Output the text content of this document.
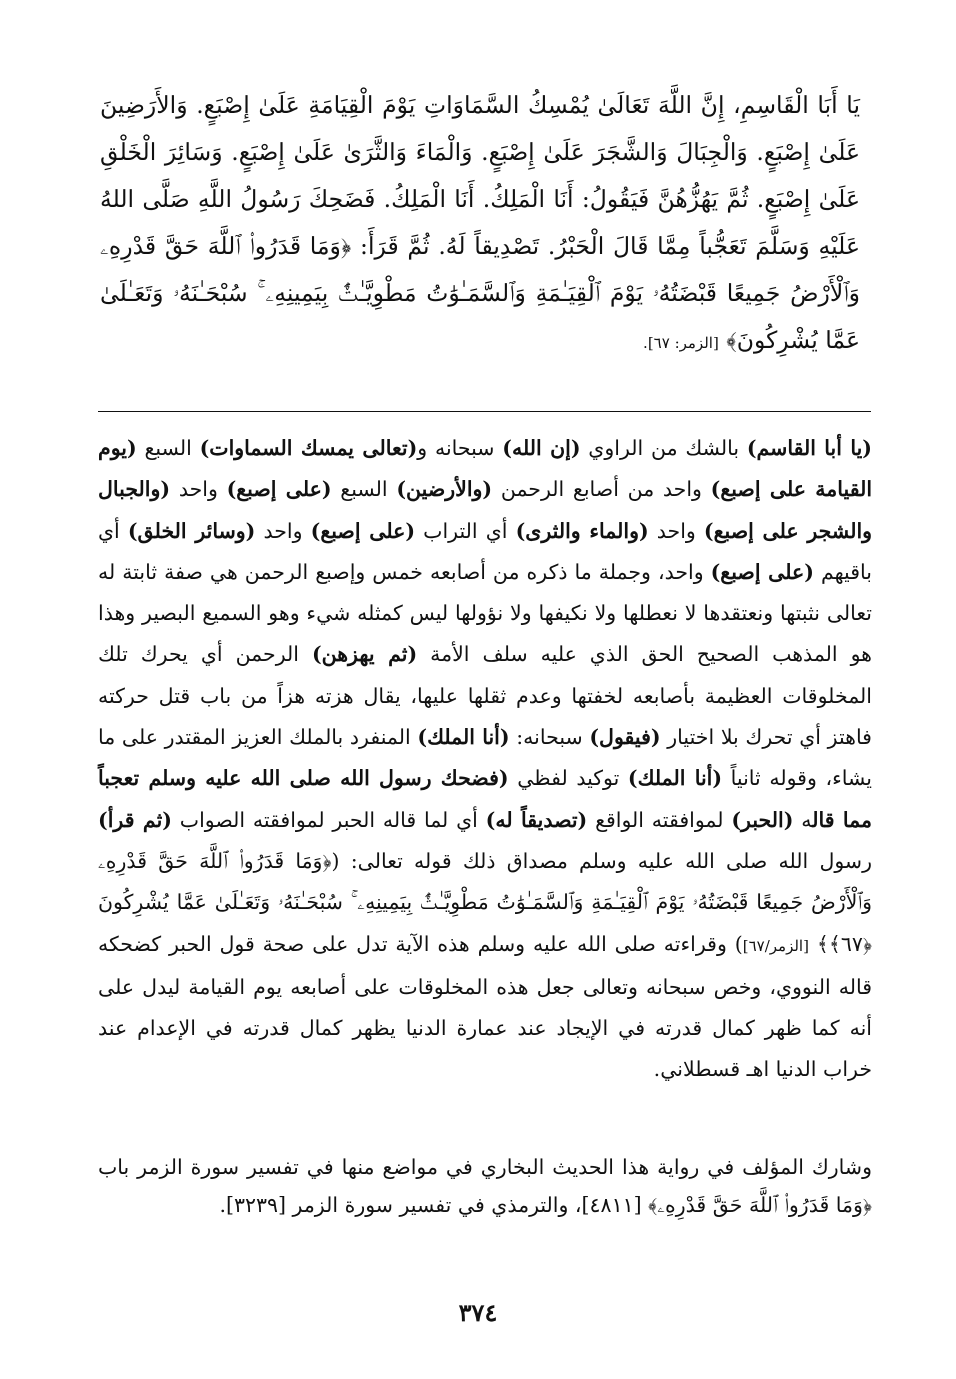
يَا أَبَا الْقَاسِمِ، إِنَّ اللَّهَ تَعَالَىٰ يُمْسِكُ السَّمَاوَاتِ يَوْمَ الْقِيَامَةِ عَلَىٰ إِصْبَعٍ. وَالأَرَضِينَ عَلَىٰ إِصْبَعٍ. وَالْجِبَالَ وَالشَّجَرَ عَلَىٰ إِصْبَعٍ. وَالْمَاءَ وَالثَّرَىٰ عَلَىٰ إِصْبَعٍ. وَسَائِرَ الْخَلْقِ عَلَىٰ إِصْبَعٍ. ثُمَّ يَهُزُّهُنَّ فَيَقُولُ: أَنَا الْمَلِكُ. أَنَا الْمَلِكُ. فَضَحِكَ رَسُولُ اللَّهِ صَلَّى اللهُ عَلَيْهِ وَسَلَّمَ تَعَجُّباً مِمَّا قَالَ الْحَبْرُ. تَصْدِيقاً لَهُ. ثُمَّ قَرَأَ: ﴿وَمَا قَدَرُوا۟ ٱللَّهَ حَقَّ قَدْرِهِۦ وَٱلْأَرْضُ جَمِيعًا قَبْضَتُهُۥ يَوْمَ ٱلْقِيَـٰمَةِ وَٱلسَّمَـٰوَٰتُ مَطْوِيَّـٰتٌۢ بِيَمِينِهِۦ ۚ سُبْحَـٰنَهُۥ وَتَعَـٰلَىٰ عَمَّا يُشْرِكُونَ﴾ [الزمر: ٦٧].
(يا أبا القاسم) بالشك من الراوي (إن الله) سبحانه و(تعالى يمسك السماوات) السبع (يوم القيامة على إصبع) واحد من أصابع الرحمن (والأرضين) السبع (على إصبع) واحد (والجبال والشجر على إصبع) واحد (والماء والثرى) أي التراب (على إصبع) واحد (وسائر الخلق) أي باقيهم (على إصبع) واحد، وجملة ما ذكره من أصابعه خمس وإصبع الرحمن هي صفة ثابتة له تعالى نثبتها ونعتقدها لا نعطلها ولا نكيفها ولا نؤولها ليس كمثله شيء وهو السميع البصير وهذا هو المذهب الصحيح الحق الذي عليه سلف الأمة (ثم يهزهن) الرحمن أي يحرك تلك المخلوقات العظيمة بأصابعه لخفتها وعدم ثقلها عليها، يقال هزته هزاً من باب قتل حركته فاهتز أي تحرك بلا اختيار (فيقول) سبحانه: (أنا الملك) المنفرد بالملك العزيز المقتدر على ما يشاء، وقوله ثانياً (أنا الملك) توكيد لفظي (فضحك رسول الله صلى الله عليه وسلم تعجباً مما قاله (الحبر) لموافقته الواقع (تصديقاً له) أي لما قاله الحبر لموافقته الصواب (ثم قرأ) رسول الله صلى الله عليه وسلم مصداق ذلك قوله تعالى: (﴿وَمَا قَدَرُوا۟ ٱللَّهَ حَقَّ قَدْرِهِۦ وَٱلْأَرْضُ جَمِيعًا قَبْضَتُهُۥ يَوْمَ ٱلْقِيَـٰمَةِ وَٱلسَّمَـٰوَٰتُ مَطْوِيَّـٰتٌۢ بِيَمِينِهِۦ ۚ سُبْحَـٰنَهُۥ وَتَعَـٰلَىٰ عَمَّا يُشْرِكُونَ ﴿٦٧﴾﴾ [الزمر/٦٧]) وقراءته صلى الله عليه وسلم هذه الآية تدل على صحة قول الحبر كضحكه قاله النووي، وخص سبحانه وتعالى جعل هذه المخلوقات على أصابعه يوم القيامة ليدل على أنه كما ظهر كمال قدرته في الإيجاد عند عمارة الدنيا يظهر كمال قدرته في الإعدام عند خراب الدنيا اهـ قسطلاني.
وشارك المؤلف في رواية هذا الحديث البخاري في مواضع منها في تفسير سورة الزمر باب ﴿وَمَا قَدَرُوا۟ ٱللَّهَ حَقَّ قَدْرِهِۦ﴾ [٤٨١١]، والترمذي في تفسير سورة الزمر [٣٢٣٩].
٣٧٤
